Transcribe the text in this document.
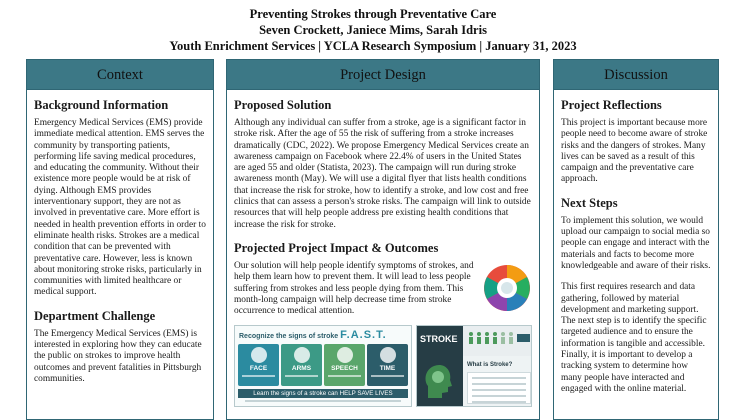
Preventing Strokes through Preventative Care
Seven Crockett, Janiece Mims, Sarah Idris
Youth Enrichment Services | YCLA Research Symposium | January 31, 2023
Context
Background Information

Emergency Medical Services (EMS) provide immediate medical attention. EMS serves the community by transporting patients, performing life saving medical procedures, and educating the community. Without their existence more people would be at risk of dying. Although EMS provides interventionary support, they are not as involved in preventative care. More effort is needed in health prevention efforts in order to eliminate health risks. Strokes are a medical condition that can be prevented with preventative care. However, less is known about monitoring stroke risks, particularly in communities with limited healthcare or medical support.

Department Challenge

The Emergency Medical Services (EMS) is interested in exploring how they can educate the public on strokes to improve health outcomes and prevent fatalities in Pittsburgh communities.

Project Design
Proposed Solution

Although any individual can suffer from a stroke, age is a significant factor in stroke risk. After the age of 55 the risk of suffering from a stroke increases dramatically (CDC, 2022). We propose Emergency Medical Services create an awareness campaign on Facebook where 22.4% of users in the United States are aged 55 and older (Statista, 2023). The campaign will run during stroke awareness month (May). We will use a digital flyer that lists health conditions that increase the risk for stroke, how to identify a stroke, and low cost and free clinics that can assess a person's stroke risks. The campaign will link to outside resources that will help people address pre existing health conditions that increase the risk for stroke.

Projected Project Impact & Outcomes

Our solution will help people identify symptoms of strokes, and help them learn how to prevent them. It will lead to less people suffering from strokes and less people dying from them. This month-long campaign will help decrease time from stroke occurrence to medical attention.

Recognize the signs of stroke F.A.S.T.
FACE	ARMS	SPEECH	TIME
Learn the signs of a stroke can HELP SAVE LIVES
STROKE
What is Stroke?
Discussion
Project Reflections

This project is important because more people need to become aware of stroke risks and the dangers of strokes. Many lives can be saved as a result of this campaign and the preventative care approach.

Next Steps

To implement this solution, we would upload our campaign to social media so people can engage and interact with the materials and facts to become more knowledgeable and aware of their risks.

This first requires research and data gathering, followed by material development and marketing support. The next step is to identify the specific targeted audience and to ensure the information is tangible and accessible. Finally, it is important to develop a tracking system to determine how many people have interacted and engaged with the online material.
